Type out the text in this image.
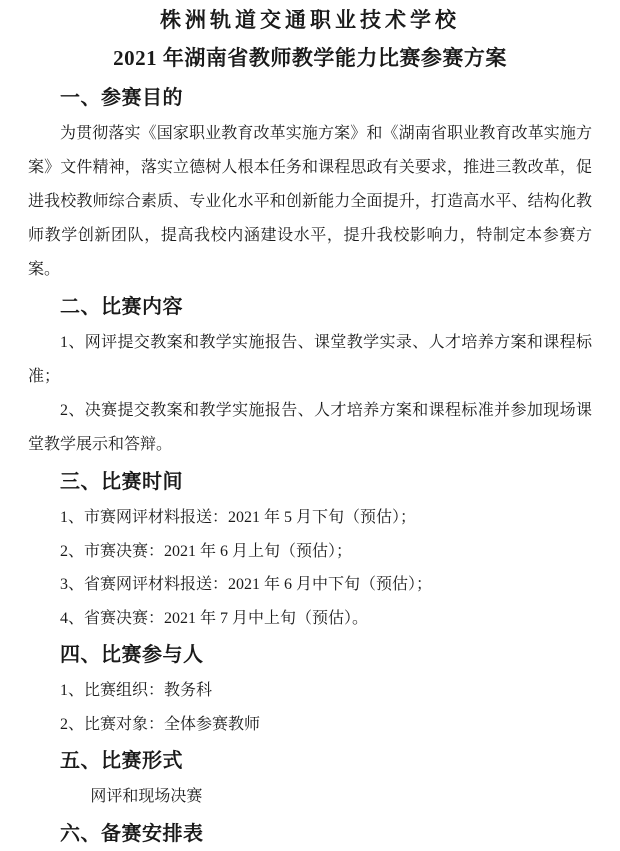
株洲轨道交通职业技术学校
2021 年湖南省教师教学能力比赛参赛方案
一、参赛目的

为贯彻落实《国家职业教育改革实施方案》和《湖南省职业教育改革实施方案》文件精神，落实立德树人根本任务和课程思政有关要求，推进三教改革，促进我校教师综合素质、专业化水平和创新能力全面提升，打造高水平、结构化教师教学创新团队，提高我校内涵建设水平，提升我校影响力，特制定本参赛方案。

二、比赛内容

1、网评提交教案和教学实施报告、课堂教学实录、人才培养方案和课程标准；

2、决赛提交教案和教学实施报告、人才培养方案和课程标准并参加现场课堂教学展示和答辩。

三、比赛时间

1、市赛网评材料报送：2021 年 5 月下旬（预估）；

2、市赛决赛：2021 年 6 月上旬（预估）；

3、省赛网评材料报送：2021 年 6 月中下旬（预估）；

4、省赛决赛：2021 年 7 月中上旬（预估）。

四、比赛参与人

1、比赛组织：教务科

2、比赛对象：全体参赛教师

五、比赛形式

网评和现场决赛

六、备赛安排表
